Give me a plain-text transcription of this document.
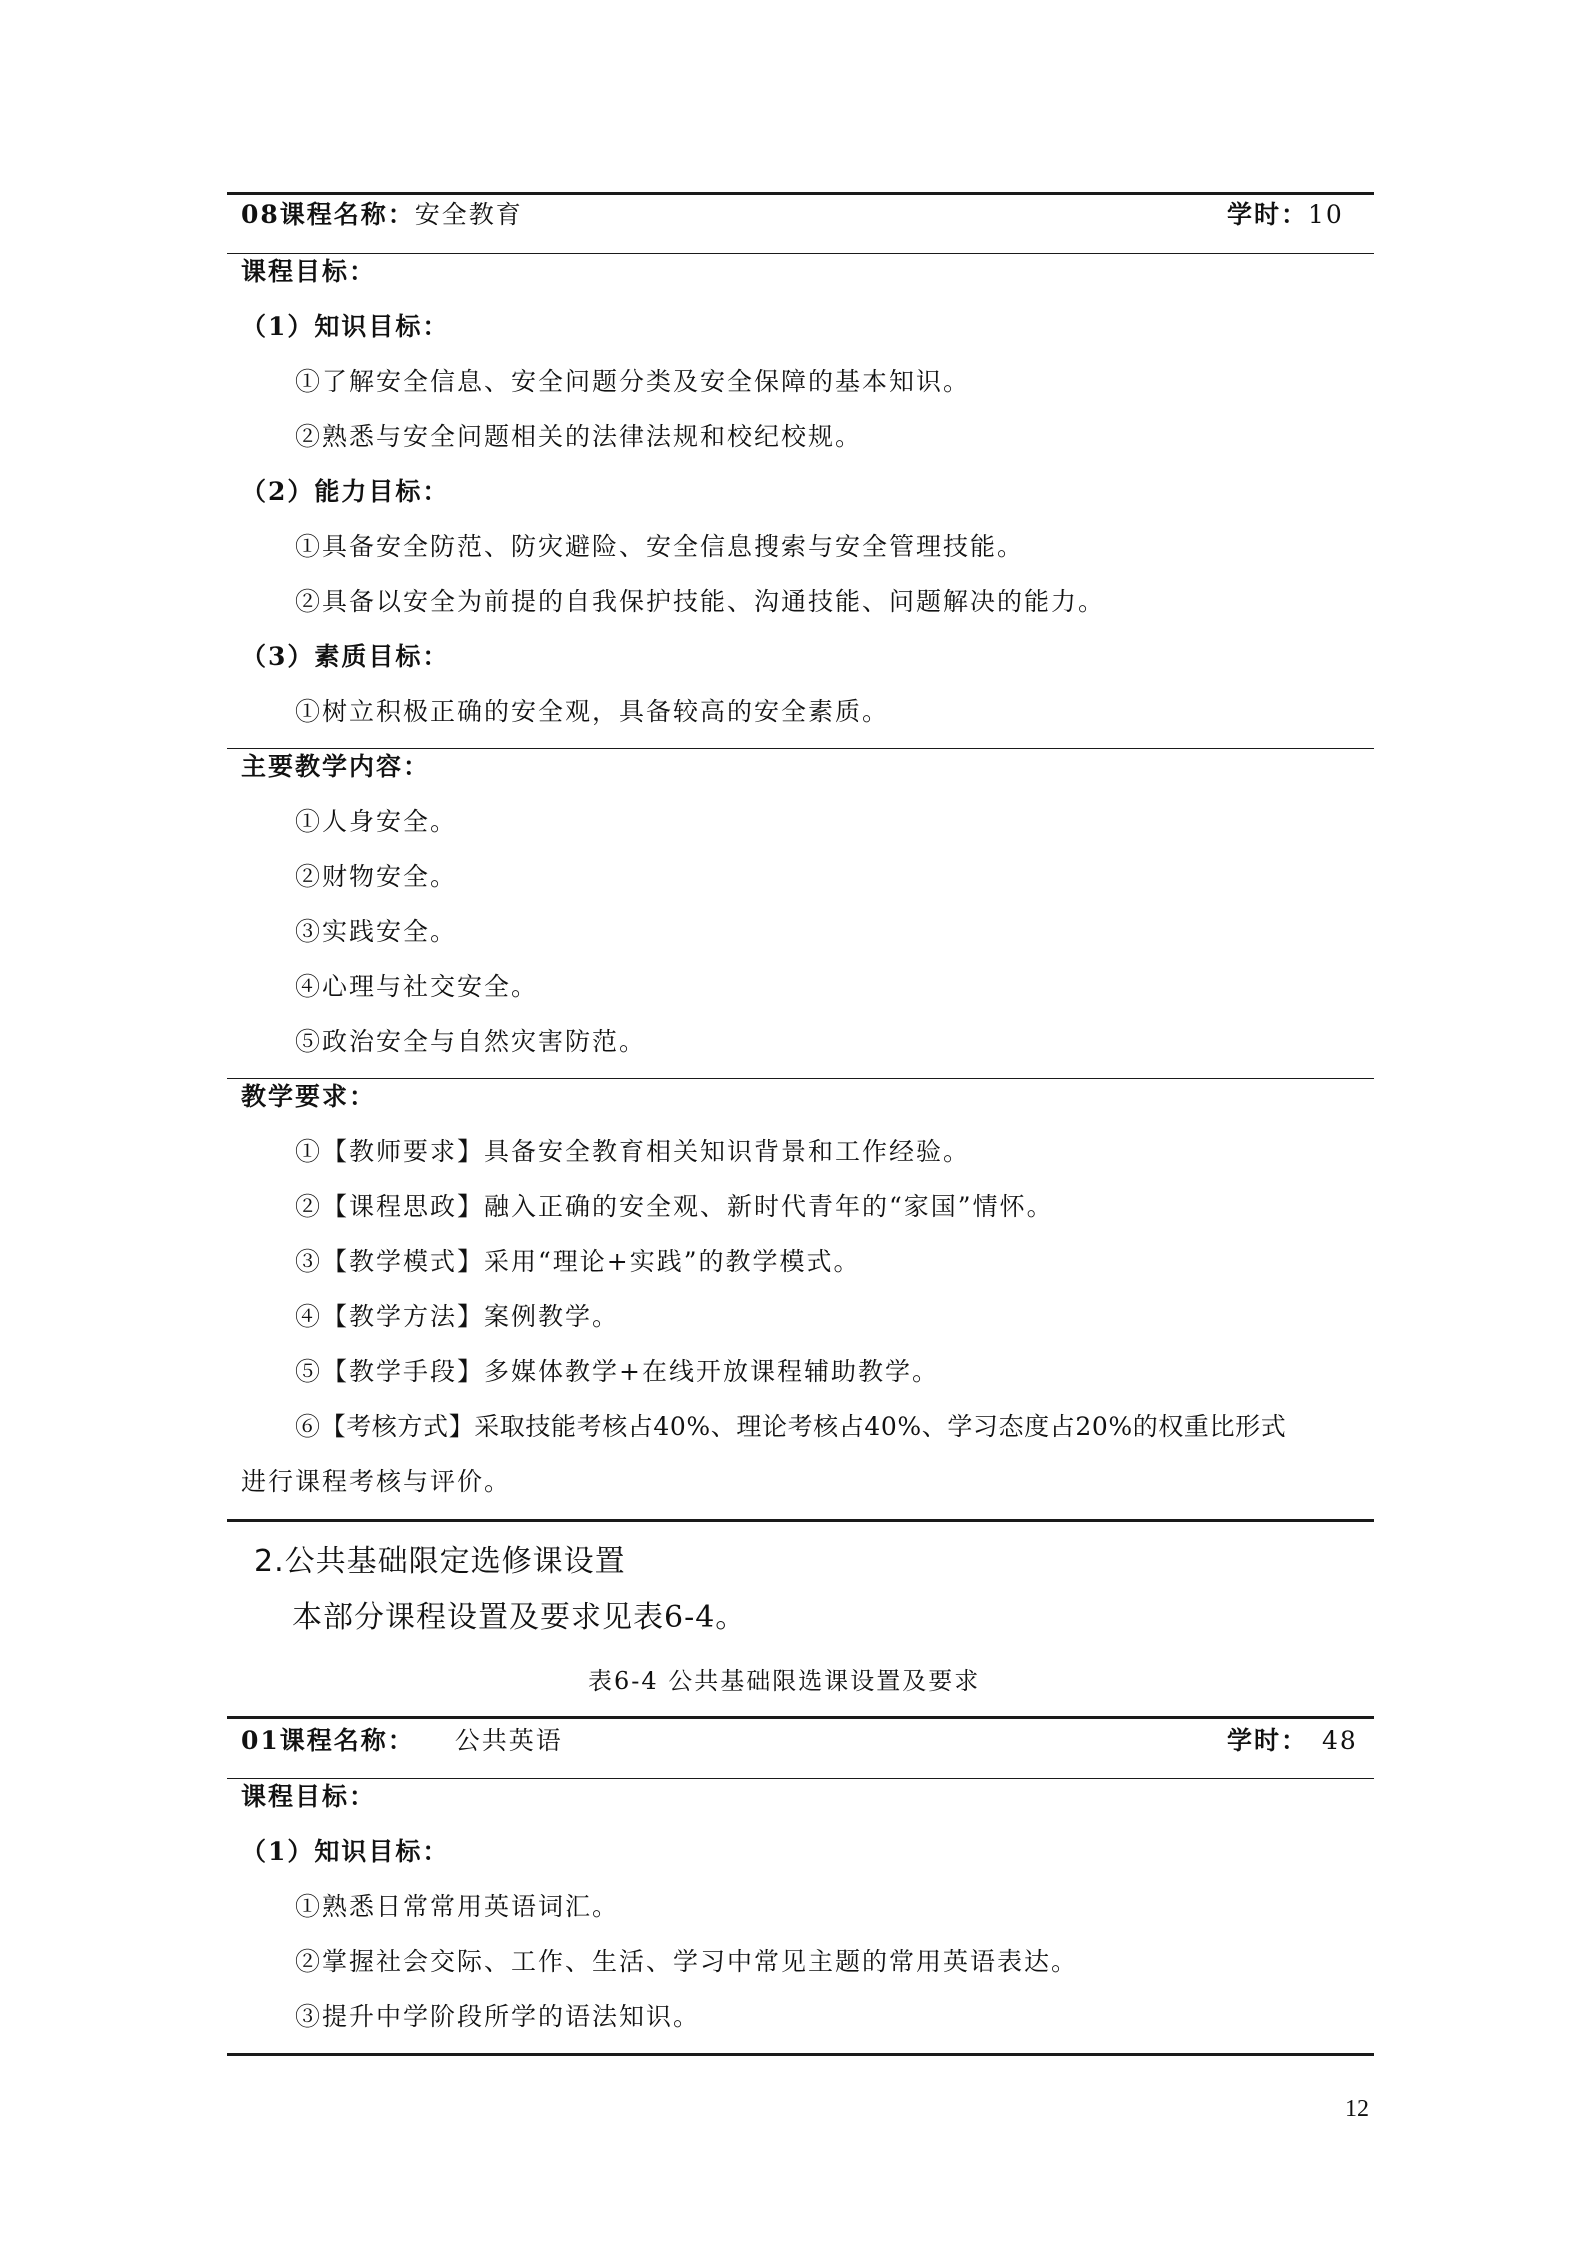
08课程名称：安全教育	学时：10
课程目标：
（1）知识目标：
①了解安全信息、安全问题分类及安全保障的基本知识。
②熟悉与安全问题相关的法律法规和校纪校规。
（2）能力目标：
①具备安全防范、防灾避险、安全信息搜索与安全管理技能。
②具备以安全为前提的自我保护技能、沟通技能、问题解决的能力。
（3）素质目标：
①树立积极正确的安全观，具备较高的安全素质。
主要教学内容：
①人身安全。
②财物安全。
③实践安全。
④心理与社交安全。
⑤政治安全与自然灾害防范。
教学要求：
①【教师要求】具备安全教育相关知识背景和工作经验。
②【课程思政】融入正确的安全观、新时代青年的“家国”情怀。
③【教学模式】采用“理论+实践”的教学模式。
④【教学方法】案例教学。
⑤【教学手段】多媒体教学+在线开放课程辅助教学。
⑥【考核方式】采取技能考核占40%、理论考核占40%、学习态度占20%的权重比形式
进行课程考核与评价。
2.公共基础限定选修课设置
本部分课程设置及要求见表6-4。
表6-4 公共基础限选课设置及要求
01课程名称： 公共英语	学时： 48
课程目标：
（1）知识目标：
①熟悉日常常用英语词汇。
②掌握社会交际、工作、生活、学习中常见主题的常用英语表达。
③提升中学阶段所学的语法知识。
12
